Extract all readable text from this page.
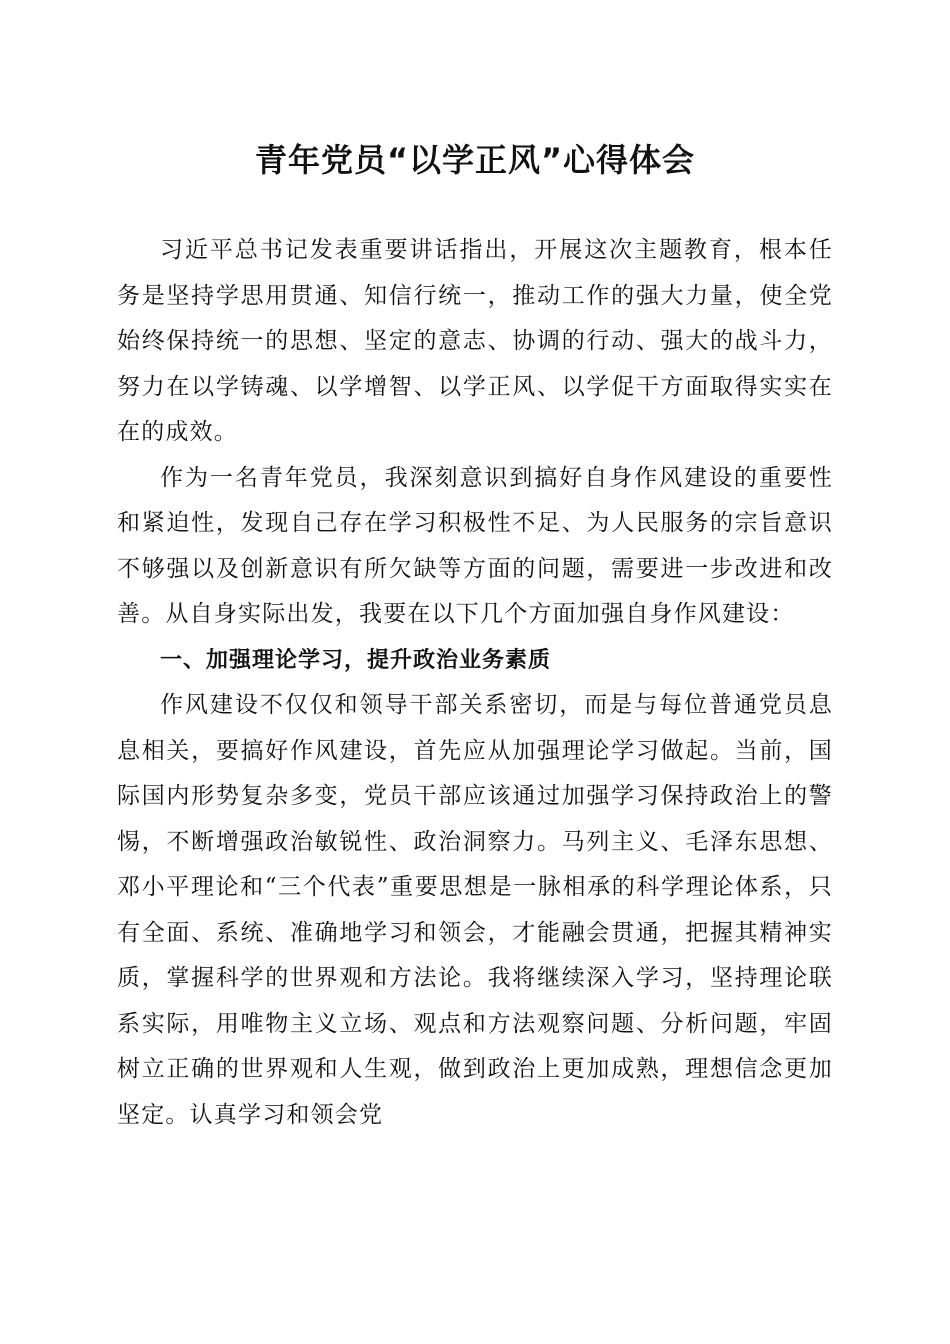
青年党员“以学正风”心得体会

习近平总书记发表重要讲话指出，开展这次主题教育，根本任务是坚持学思用贯通、知信行统一，推动工作的强大力量，使全党始终保持统一的思想、坚定的意志、协调的行动、强大的战斗力，努力在以学铸魂、以学增智、以学正风、以学促干方面取得实实在在的成效。

作为一名青年党员，我深刻意识到搞好自身作风建设的重要性和紧迫性，发现自己存在学习积极性不足、为人民服务的宗旨意识不够强以及创新意识有所欠缺等方面的问题，需要进一步改进和改善。从自身实际出发，我要在以下几个方面加强自身作风建设：

一、加强理论学习，提升政治业务素质

作风建设不仅仅和领导干部关系密切，而是与每位普通党员息息相关，要搞好作风建设，首先应从加强理论学习做起。当前，国际国内形势复杂多变，党员干部应该通过加强学习保持政治上的警惕，不断增强政治敏锐性、政治洞察力。马列主义、毛泽东思想、邓小平理论和“三个代表”重要思想是一脉相承的科学理论体系，只有全面、系统、准确地学习和领会，才能融会贯通，把握其精神实质，掌握科学的世界观和方法论。我将继续深入学习，坚持理论联系实际，用唯物主义立场、观点和方法观察问题、分析问题，牢固树立正确的世界观和人生观，做到政治上更加成熟，理想信念更加坚定。认真学习和领会党
